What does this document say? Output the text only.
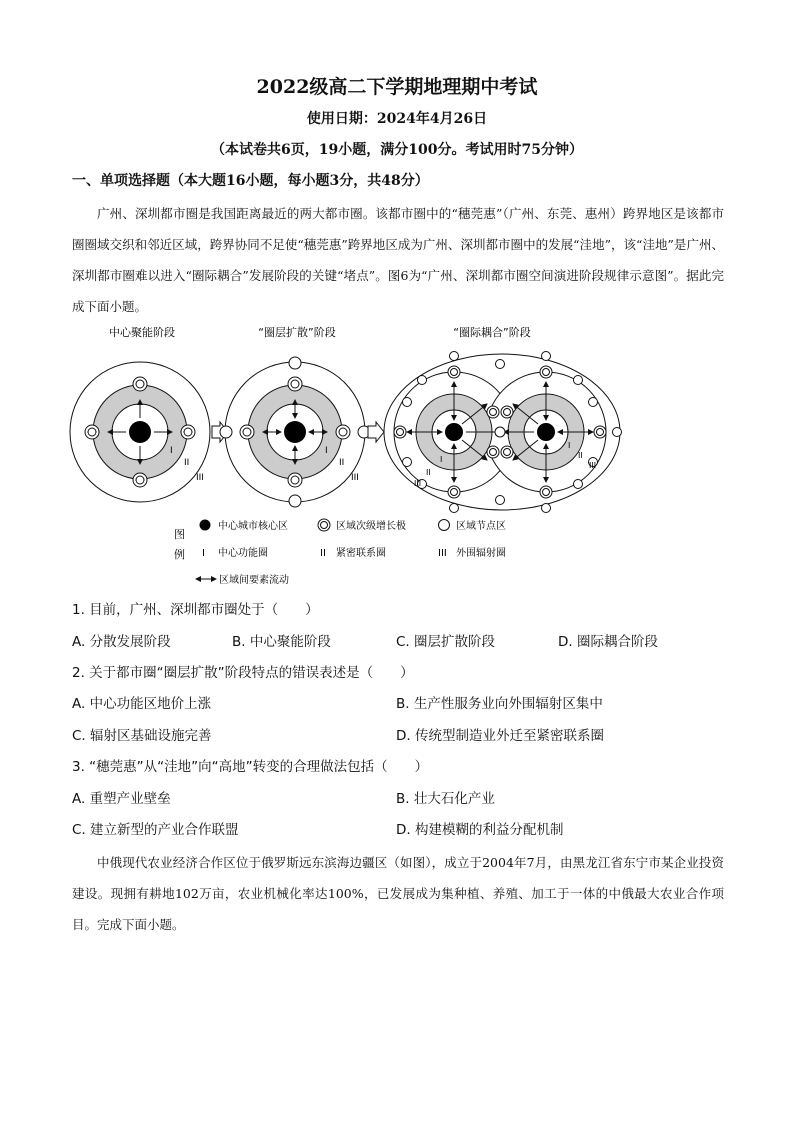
2022级高二下学期地理期中考试
使用日期：2024年4月26日
（本试卷共6页，19小题，满分100分。考试用时75分钟）
一、单项选择题（本大题16小题，每小题3分，共48分）
广州、深圳都市圈是我国距离最近的两大都市圈。该都市圈中的“穗莞惠”（广州、东莞、惠州）跨界地区是该都市圈圈域交织和邻近区域，跨界协同不足使“穗莞惠”跨界地区成为广州、深圳都市圈中的发展“洼地”，该“洼地”是广州、深圳都市圈难以进入“圈际耦合”发展阶段的关键“堵点”。图6为“广州、深圳都市圈空间演进阶段规律示意图”。据此完成下面小题。
中心聚能阶段	“圈层扩散”阶段	“圈际耦合”阶段
I
II
III
I
II
III
I
II
III
I
II
III
图
例
中心城市核心区	区域次级增长极	区域节点区
I 中心功能圈	II 紧密联系圈	III 外围辐射圈
区域间要素流动
1. 目前，广州、深圳都市圈处于（　　）
A. 分散发展阶段	B. 中心聚能阶段	C. 圈层扩散阶段	D. 圈际耦合阶段
2. 关于都市圈“圈层扩散”阶段特点的错误表述是（　　）
A. 中心功能区地价上涨	B. 生产性服务业向外围辐射区集中
C. 辐射区基础设施完善	D. 传统型制造业外迁至紧密联系圈
3. “穗莞惠”从“洼地”向“高地”转变的合理做法包括（　　）
A. 重塑产业壁垒	B. 壮大石化产业
C. 建立新型的产业合作联盟	D. 构建模糊的利益分配机制
中俄现代农业经济合作区位于俄罗斯远东滨海边疆区（如图），成立于2004年7月，由黑龙江省东宁市某企业投资建设。现拥有耕地102万亩，农业机械化率达100%，已发展成为集种植、养殖、加工于一体的中俄最大农业合作项目。完成下面小题。
